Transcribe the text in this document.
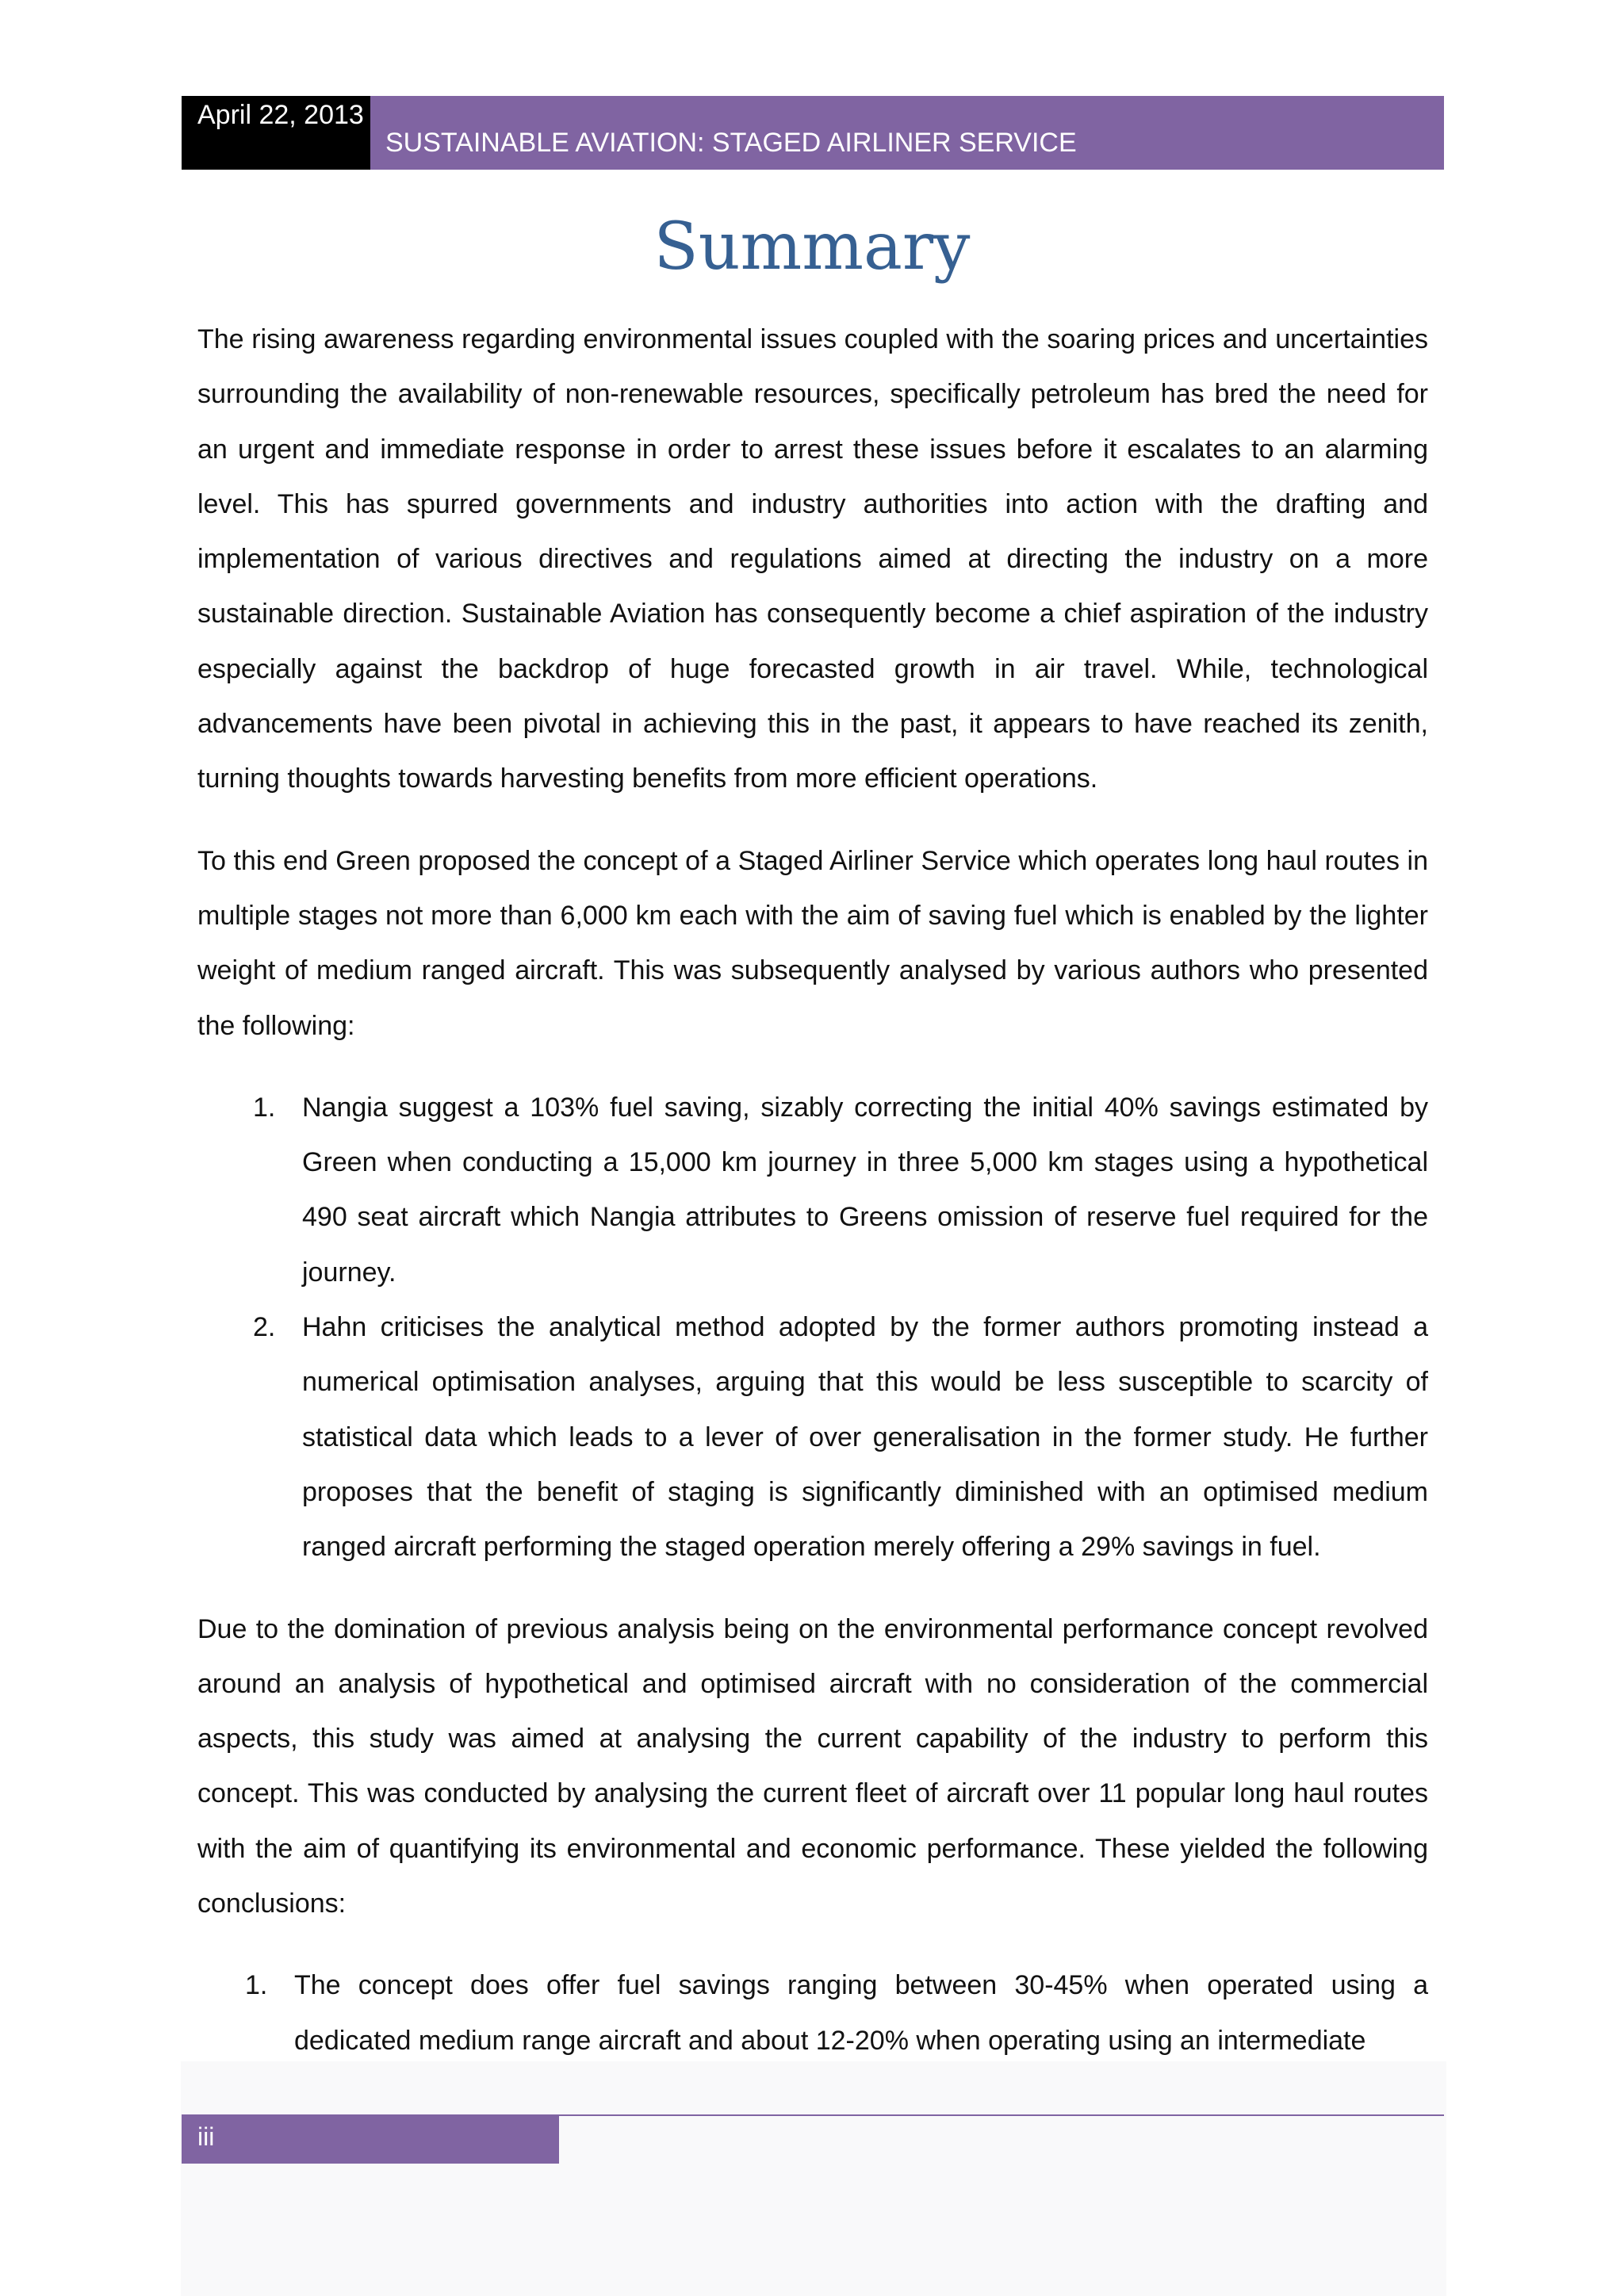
April 22, 2013
SUSTAINABLE AVIATION: STAGED AIRLINER SERVICE
Summary

The rising awareness regarding environmental issues coupled with the soaring prices and uncertainties surrounding the availability of non-renewable resources, specifically petroleum has bred the need for an urgent and immediate response in order to arrest these issues before it escalates to an alarming level. This has spurred governments and industry authorities into action with the drafting and implementation of various directives and regulations aimed at directing the industry on a more sustainable direction. Sustainable Aviation has consequently become a chief aspiration of the industry especially against the backdrop of huge forecasted growth in air travel. While, technological advancements have been pivotal in achieving this in the past, it appears to have reached its zenith, turning thoughts towards harvesting benefits from more efficient operations.

To this end Green proposed the concept of a Staged Airliner Service which operates long haul routes in multiple stages not more than 6,000 km each with the aim of saving fuel which is enabled by the lighter weight of medium ranged aircraft. This was subsequently analysed by various authors who presented the following:

1. Nangia suggest a 103% fuel saving, sizably correcting the initial 40% savings estimated by Green when conducting a 15,000 km journey in three 5,000 km stages using a hypothetical 490 seat aircraft which Nangia attributes to Greens omission of reserve fuel required for the journey.
2. Hahn criticises the analytical method adopted by the former authors promoting instead a numerical optimisation analyses, arguing that this would be less susceptible to scarcity of statistical data which leads to a lever of over generalisation in the former study. He further proposes that the benefit of staging is significantly diminished with an optimised medium ranged aircraft performing the staged operation merely offering a 29% savings in fuel.

Due to the domination of previous analysis being on the environmental performance concept revolved around an analysis of hypothetical and optimised aircraft with no consideration of the commercial aspects, this study was aimed at analysing the current capability of the industry to perform this concept. This was conducted by analysing the current fleet of aircraft over 11 popular long haul routes with the aim of quantifying its environmental and economic performance. These yielded the following conclusions:

1. The concept does offer fuel savings ranging between 30-45% when operated using a dedicated medium range aircraft and about 12-20% when operating using an intermediate
iii
